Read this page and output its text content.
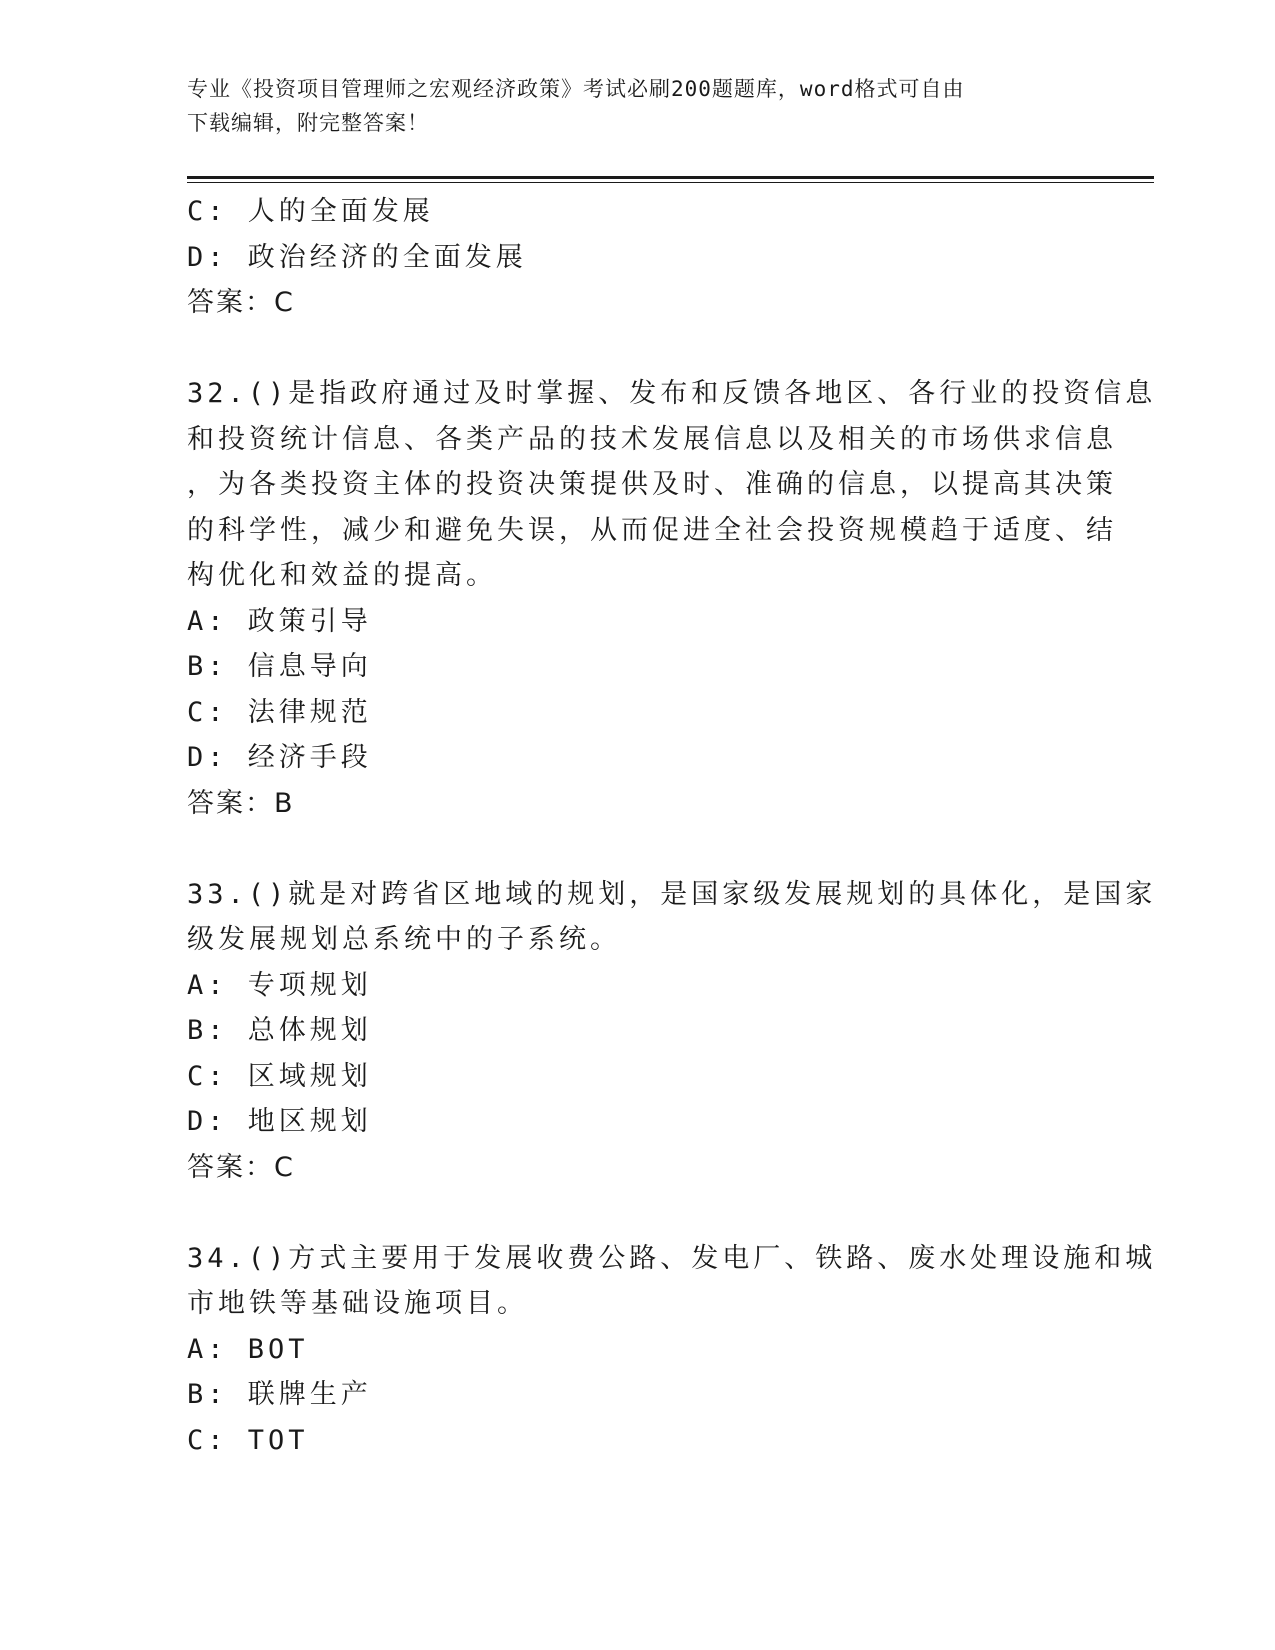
专业《投资项目管理师之宏观经济政策》考试必刷200题题库，word格式可自由
下载编辑，附完整答案！
C: 人的全面发展
D: 政治经济的全面发展
答案：C
32.()是指政府通过及时掌握、发布和反馈各地区、各行业的投资信息
和投资统计信息、各类产品的技术发展信息以及相关的市场供求信息
，为各类投资主体的投资决策提供及时、准确的信息，以提高其决策
的科学性，减少和避免失误，从而促进全社会投资规模趋于适度、结
构优化和效益的提高。
A: 政策引导
B: 信息导向
C: 法律规范
D: 经济手段
答案：B
33.()就是对跨省区地域的规划，是国家级发展规划的具体化，是国家
级发展规划总系统中的子系统。
A: 专项规划
B: 总体规划
C: 区域规划
D: 地区规划
答案：C
34.()方式主要用于发展收费公路、发电厂、铁路、废水处理设施和城
市地铁等基础设施项目。
A: BOT
B: 联牌生产
C: TOT
